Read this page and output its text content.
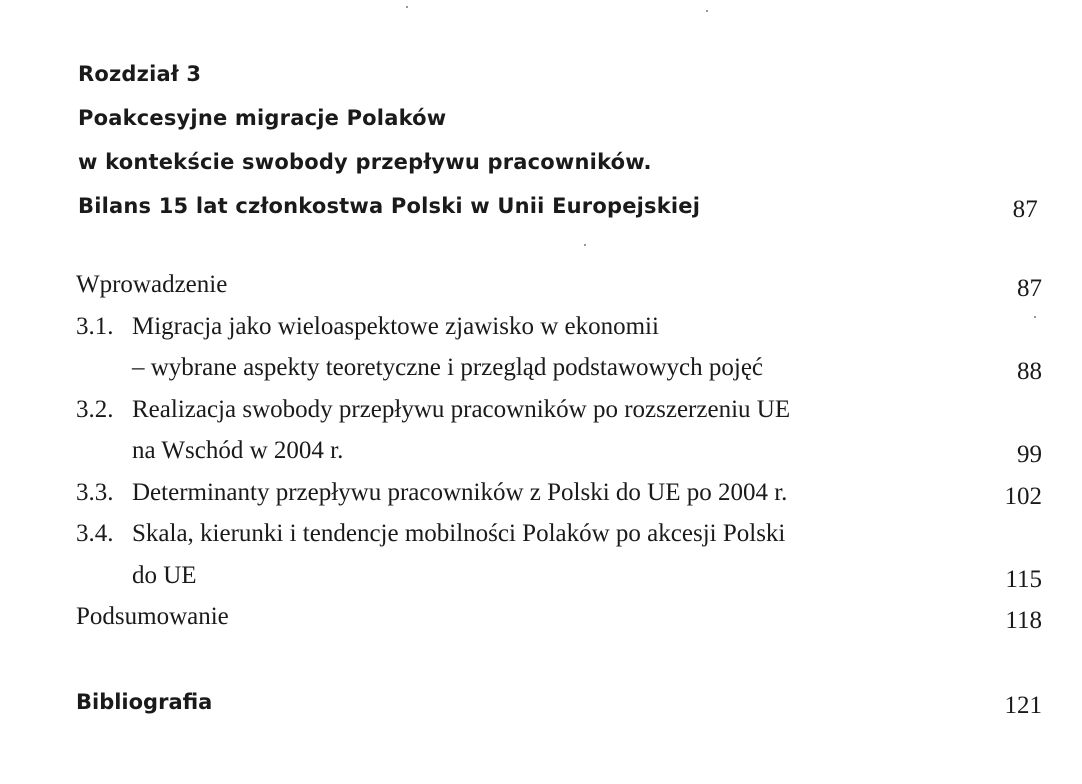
Rozdział 3
Poakcesyjne migracje Polaków
w kontekście swobody przepływu pracowników.
Bilans 15 lat członkostwa Polski w Unii Europejskiej	87
Wprowadzenie	87
3.1. Migracja jako wieloaspektowe zjawisko w ekonomii
– wybrane aspekty teoretyczne i przegląd podstawowych pojęć	88
3.2. Realizacja swobody przepływu pracowników po rozszerzeniu UE
na Wschód w 2004 r.	99
3.3. Determinanty przepływu pracowników z Polski do UE po 2004 r.	102
3.4. Skala, kierunki i tendencje mobilności Polaków po akcesji Polski
do UE	115
Podsumowanie	118
Bibliografia	121
